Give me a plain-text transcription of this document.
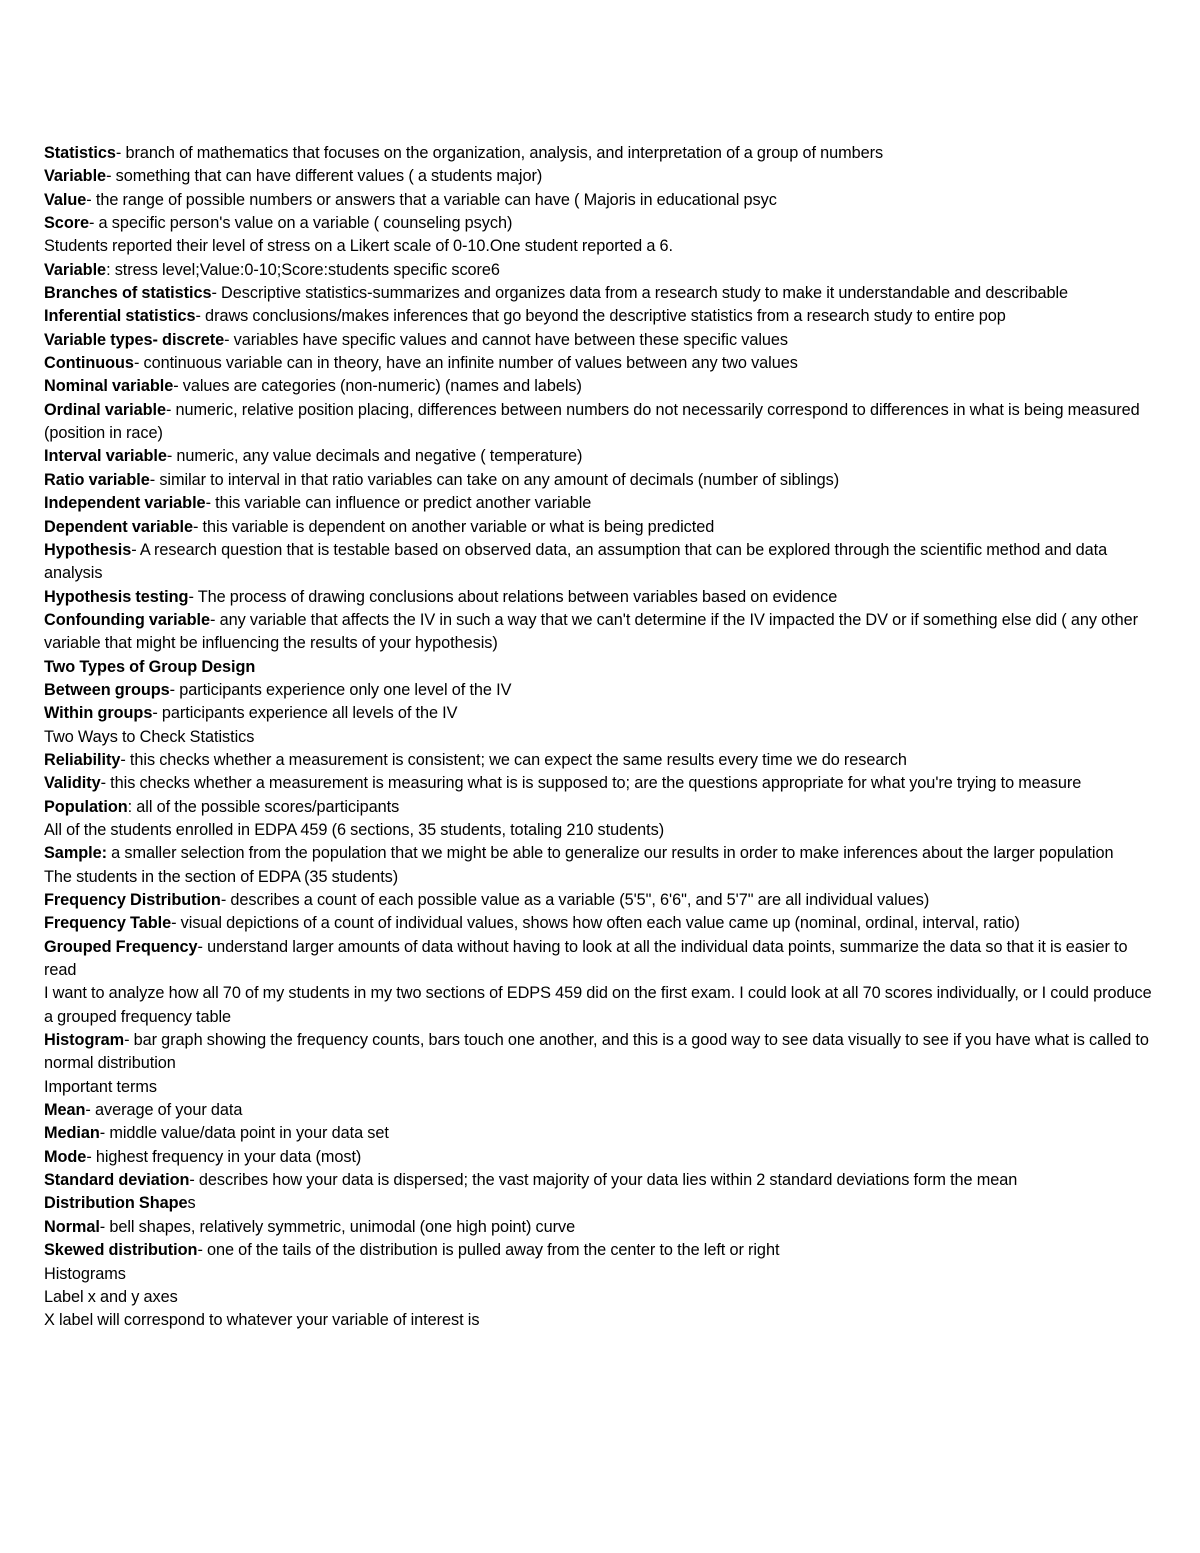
Statistics- branch of mathematics that focuses on the organization, analysis, and interpretation of a group of numbers

Variable- something that can have different values ( a students major)

Value- the range of possible numbers or answers that a variable can have ( Majoris in educational psyc

Score- a specific person's value on a variable ( counseling psych)

Students reported their level of stress on a Likert scale of 0-10.One student reported a 6.

Variable: stress level;Value:0-10;Score:students specific score6

Branches of statistics- Descriptive statistics-summarizes and organizes data from a research study to make it understandable and describable

Inferential statistics- draws conclusions/makes inferences that go beyond the descriptive statistics from a research study to entire pop

Variable types- discrete- variables have specific values and cannot have between these specific values

Continuous- continuous variable can in theory, have an infinite number of values between any two values

Nominal variable- values are categories (non-numeric) (names and labels)

Ordinal variable- numeric, relative position placing, differences between numbers do not necessarily correspond to differences in what is being measured (position in race)

Interval variable- numeric, any value decimals and negative ( temperature)

Ratio variable- similar to interval in that ratio variables can take on any amount of decimals (number of siblings)

Independent variable- this variable can influence or predict another variable

Dependent variable- this variable is dependent on another variable or what is being predicted

Hypothesis- A research question that is testable based on observed data, an assumption that can be explored through the scientific method and data analysis

Hypothesis testing- The process of drawing conclusions about relations between variables based on evidence

Confounding variable- any variable that affects the IV in such a way that we can't determine if the IV impacted the DV or if something else did ( any other variable that might be influencing the results of your hypothesis)

Two Types of Group Design

Between groups- participants experience only one level of the IV

Within groups- participants experience all levels of the IV

Two Ways to Check Statistics

Reliability- this checks whether a measurement is consistent; we can expect the same results every time we do research

Validity- this checks whether a measurement is measuring what is is supposed to; are the questions appropriate for what you're trying to measure

Population: all of the possible scores/participants

All of the students enrolled in EDPA 459 (6 sections, 35 students, totaling 210 students)

Sample: a smaller selection from the population that we might be able to generalize our results in order to make inferences about the larger population

The students in the section of EDPA (35 students)

Frequency Distribution- describes a count of each possible value as a variable (5'5", 6'6", and 5'7" are all individual values)

Frequency Table- visual depictions of a count of individual values, shows how often each value came up (nominal, ordinal, interval, ratio)

Grouped Frequency- understand larger amounts of data without having to look at all the individual data points, summarize the data so that it is easier to read

I want to analyze how all 70 of my students in my two sections of EDPS 459 did on the first exam. I could look at all 70 scores individually, or I could produce a grouped frequency table

Histogram- bar graph showing the frequency counts, bars touch one another, and this is a good way to see data visually to see if you have what is called to normal distribution

Important terms

Mean- average of your data

Median- middle value/data point in your data set

Mode- highest frequency in your data (most)

Standard deviation- describes how your data is dispersed; the vast majority of your data lies within 2 standard deviations form the mean

Distribution Shapes

Normal- bell shapes, relatively symmetric, unimodal (one high point) curve

Skewed distribution- one of the tails of the distribution is pulled away from the center to the left or right

Histograms

Label x and y axes

X label will correspond to whatever your variable of interest is
